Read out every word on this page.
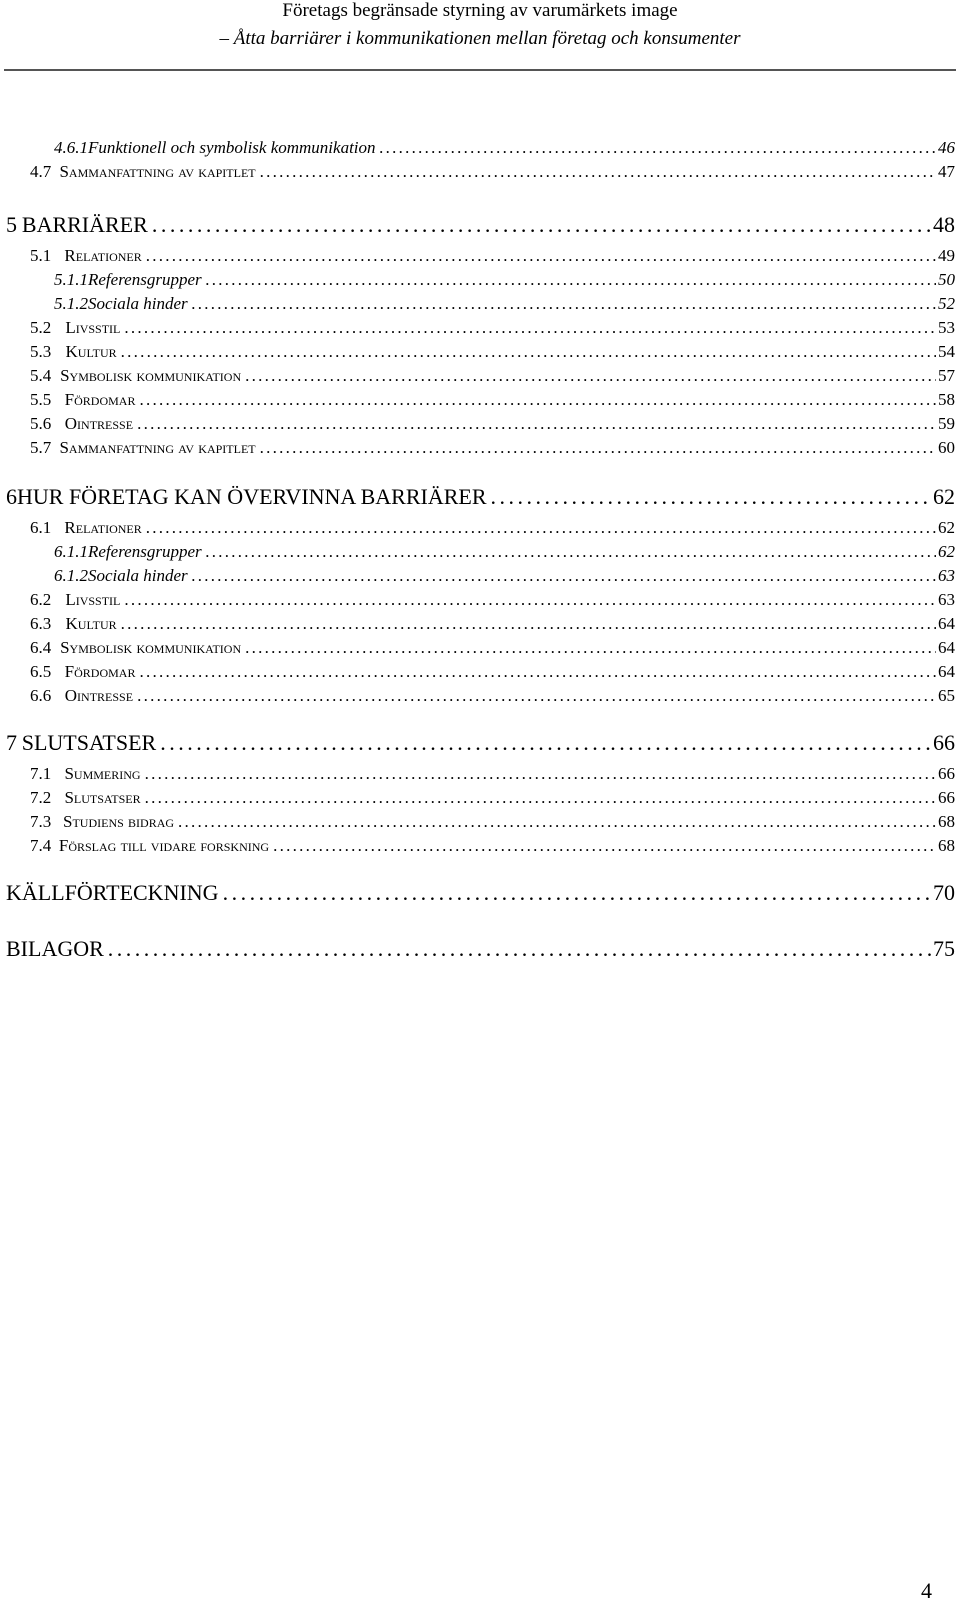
Företags begränsade styrning av varumärkets image
– Åtta barriärer i kommunikationen mellan företag och konsumenter
4.6.1 Funktionell och symbolisk kommunikation . . .	46
4.7 Sammanfattning av kapitlet . . .	47
5 BARRIÄRER . . .	48
5.1 Relationer . . .	49
5.1.1 Referensgrupper . . .	50
5.1.2 Sociala hinder . . .	52
5.2 Livsstil . . .	53
5.3 Kultur . . .	54
5.4 Symbolisk kommunikation . . .	57
5.5 Fördomar . . .	58
5.6 Ointresse . . .	59
5.7 Sammanfattning av kapitlet . . .	60
6 HUR FÖRETAG KAN ÖVERVINNA BARRIÄRER . . .	62
6.1 Relationer . . .	62
6.1.1 Referensgrupper . . .	62
6.1.2 Sociala hinder . . .	63
6.2 Livsstil . . .	63
6.3 Kultur . . .	64
6.4 Symbolisk kommunikation . . .	64
6.5 Fördomar . . .	64
6.6 Ointresse . . .	65
7 SLUTSATSER . . .	66
7.1 Summering . . .	66
7.2 Slutsatser . . .	66
7.3 Studiens bidrag . . .	68
7.4 Förslag till vidare forskning . . .	68
KÄLLFÖRTECKNING . . .	70
BILAGOR . . .	75
4
